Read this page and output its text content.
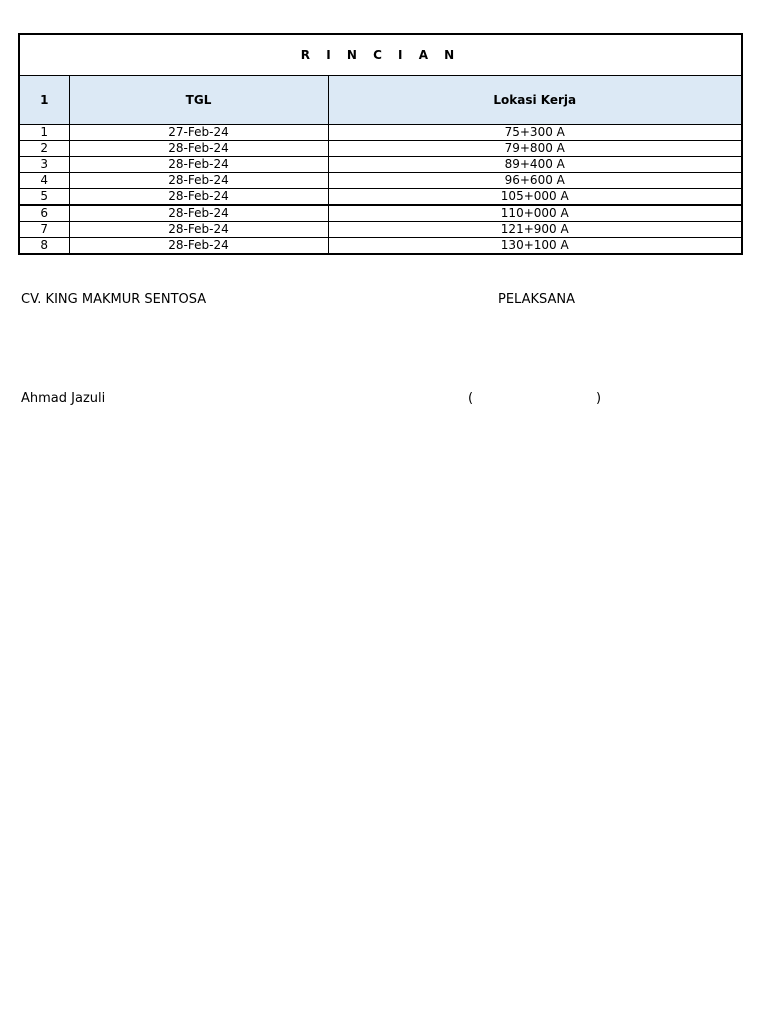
R I N C I A N		
1	TGL	Lokasi Kerja
1	27-Feb-24	75+300 A
2	28-Feb-24	79+800 A
3	28-Feb-24	89+400 A
4	28-Feb-24	96+600 A
5	28-Feb-24	105+000 A
6	28-Feb-24	110+000 A
7	28-Feb-24	121+900 A
8	28-Feb-24	130+100 A
CV. KING MAKMUR SENTOSA	PELAKSANA
Ahmad Jazuli	(	)
